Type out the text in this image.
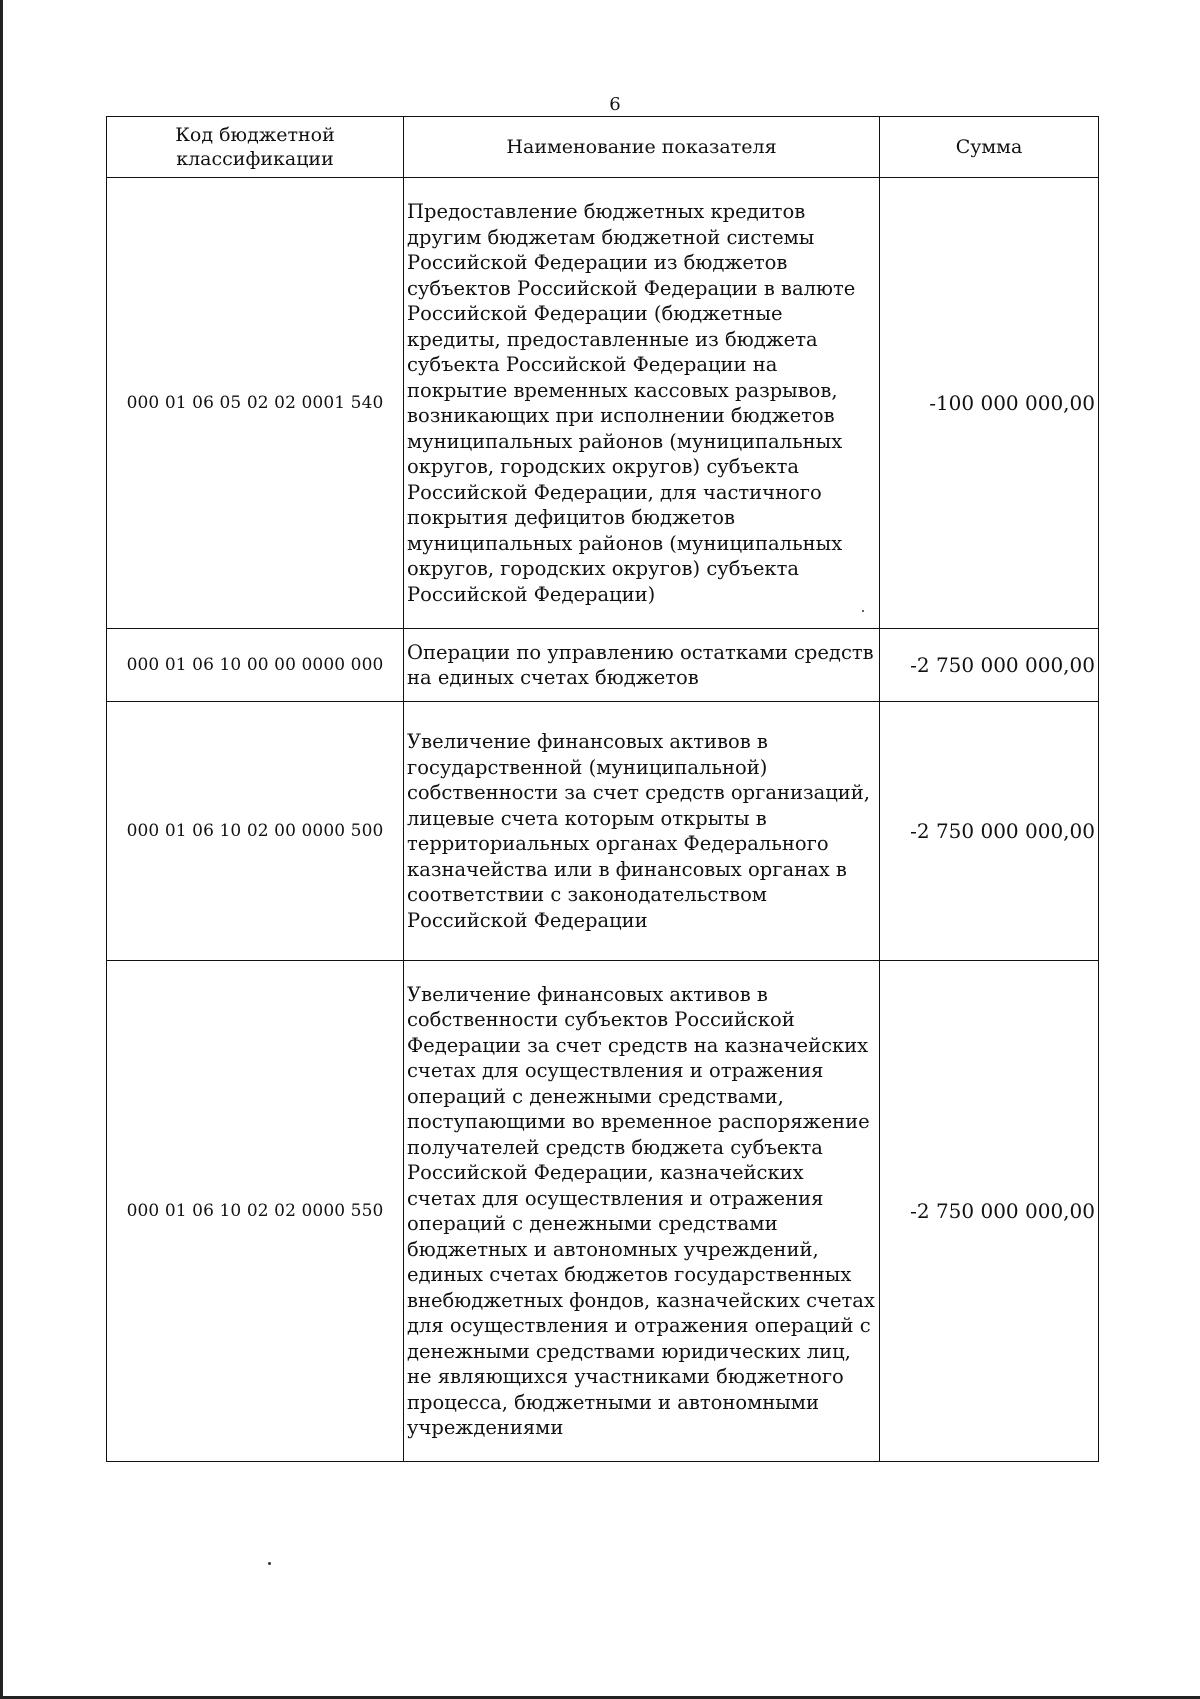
6
Код бюджетной классификации	Наименование показателя	Сумма
000 01 06 05 02 02 0001 540	Предоставление бюджетных кредитов другим бюджетам бюджетной системы Российской Федерации из бюджетов субъектов Российской Федерации в валюте Российской Федерации (бюджетные кредиты, предоставленные из бюджета субъекта Российской Федерации на покрытие временных кассовых разрывов, возникающих при исполнении бюджетов муниципальных районов (муниципальных округов, городских округов) субъекта Российской Федерации, для частичного покрытия дефицитов бюджетов муниципальных районов (муниципальных округов, городских округов) субъекта Российской Федерации)	-100 000 000,00
000 01 06 10 00 00 0000 000	Операции по управлению остатками средств на единых счетах бюджетов	-2 750 000 000,00
000 01 06 10 02 00 0000 500	Увеличение финансовых активов в государственной (муниципальной) собственности за счет средств организаций, лицевые счета которым открыты в территориальных органах Федерального казначейства или в финансовых органах в соответствии с законодательством Российской Федерации	-2 750 000 000,00
000 01 06 10 02 02 0000 550	Увеличение финансовых активов в собственности субъектов Российской Федерации за счет средств на казначейских счетах для осуществления и отражения операций с денежными средствами, поступающими во временное распоряжение получателей средств бюджета субъекта Российской Федерации, казначейских счетах для осуществления и отражения операций с денежными средствами бюджетных и автономных учреждений, единых счетах бюджетов государственных внебюджетных фондов, казначейских счетах для осуществления и отражения операций с денежными средствами юридических лиц, не являющихся участниками бюджетного процесса, бюджетными и автономными учреждениями	-2 750 000 000,00
